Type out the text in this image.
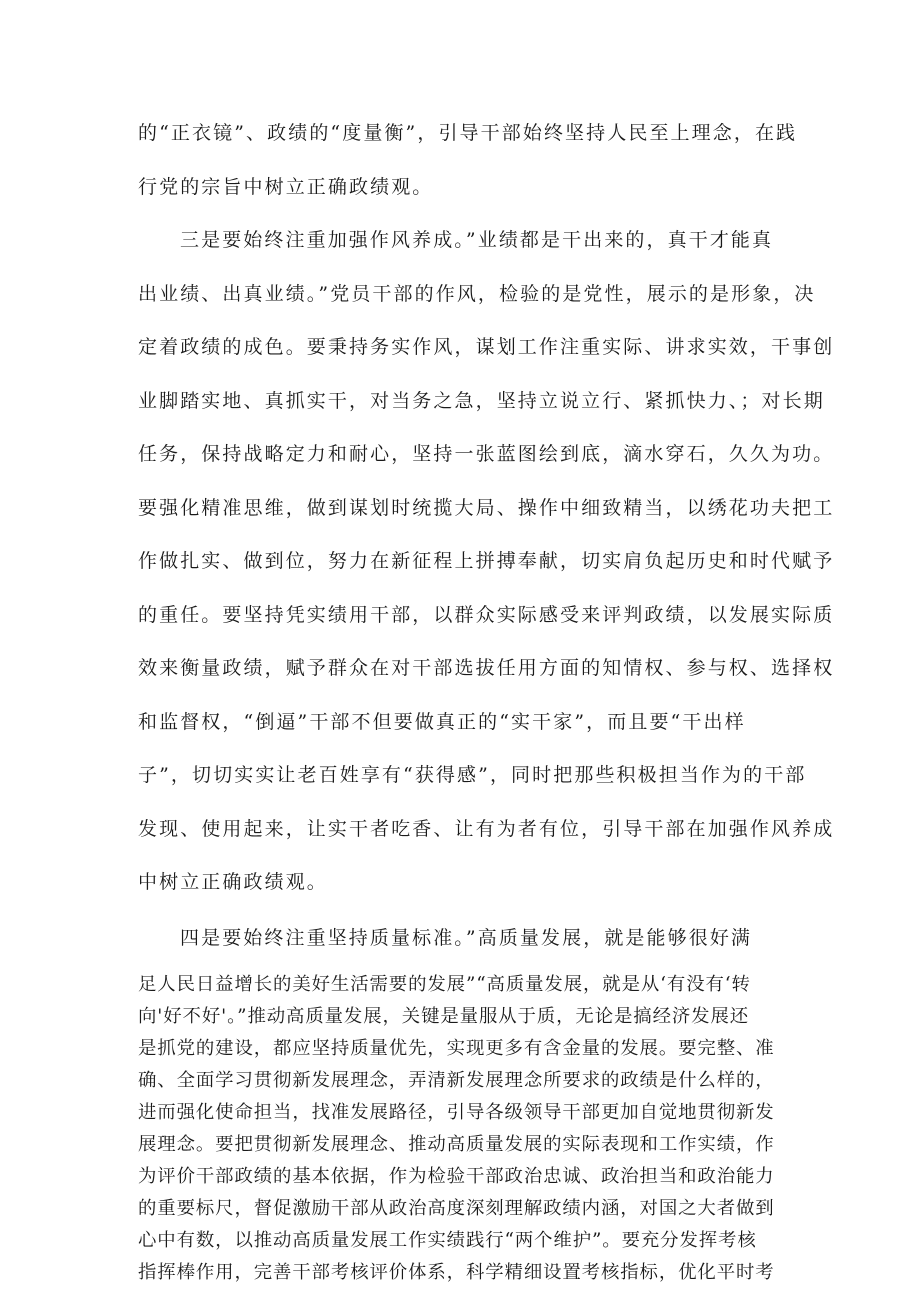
的“正衣镜”、政绩的“度量衡”，引导干部始终坚持人民至上理念，在践

行党的宗旨中树立正确政绩观。

三是要始终注重加强作风养成。”业绩都是干出来的，真干才能真

出业绩、出真业绩。”党员干部的作风，检验的是党性，展示的是形象，决

定着政绩的成色。要秉持务实作风，谋划工作注重实际、讲求实效，干事创

业脚踏实地、真抓实干，对当务之急，坚持立说立行、紧抓快力、；对长期

任务，保持战略定力和耐心，坚持一张蓝图绘到底，滴水穿石，久久为功。

要强化精准思维，做到谋划时统揽大局、操作中细致精当，以绣花功夫把工

作做扎实、做到位，努力在新征程上拼搏奉献，切实肩负起历史和时代赋予

的重任。要坚持凭实绩用干部，以群众实际感受来评判政绩，以发展实际质

效来衡量政绩，赋予群众在对干部选拔任用方面的知情权、参与权、选择权

和监督权，“倒逼”干部不但要做真正的“实干家”，而且要“干出样

子”，切切实实让老百姓享有“获得感”，同时把那些积极担当作为的干部

发现、使用起来，让实干者吃香、让有为者有位，引导干部在加强作风养成

中树立正确政绩观。

四是要始终注重坚持质量标准。”高质量发展，就是能够很好满

足人民日益增长的美好生活需要的发展”“高质量发展，就是从‘有没有‘转

向'好不好'。”推动高质量发展，关键是量服从于质，无论是搞经济发展还

是抓党的建设，都应坚持质量优先，实现更多有含金量的发展。要完整、准

确、全面学习贯彻新发展理念，弄清新发展理念所要求的政绩是什么样的，

进而强化使命担当，找准发展路径，引导各级领导干部更加自觉地贯彻新发

展理念。要把贯彻新发展理念、推动高质量发展的实际表现和工作实绩，作

为评价干部政绩的基本依据，作为检验干部政治忠诚、政治担当和政治能力

的重要标尺，督促激励干部从政治高度深刻理解政绩内涵，对国之大者做到

心中有数，以推动高质量发展工作实绩践行“两个维护”。要充分发挥考核

指挥棒作用，完善干部考核评价体系，科学精细设置考核指标，优化平时考
